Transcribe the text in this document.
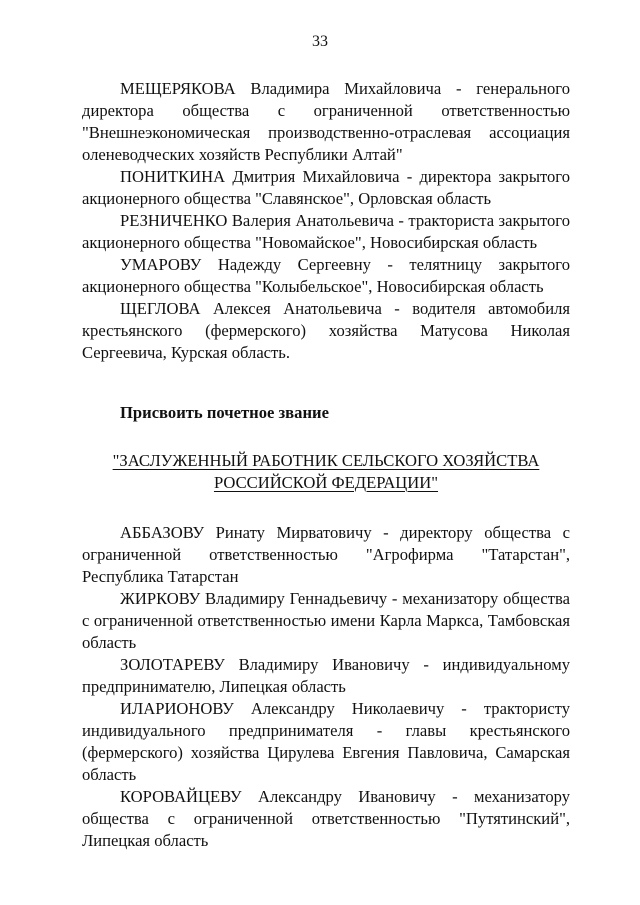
33

МЕЩЕРЯКОВА Владимира Михайловича - генерального директора общества с ограниченной ответственностью "Внешнеэкономическая производственно-отраслевая ассоциация оленеводческих хозяйств Республики Алтай"

ПОНИТКИНА Дмитрия Михайловича - директора закрытого акционерного общества "Славянское", Орловская область

РЕЗНИЧЕНКО Валерия Анатольевича - тракториста закрытого акционерного общества "Новомайское", Новосибирская область

УМАРОВУ Надежду Сергеевну - телятницу закрытого акционерного общества "Колыбельское", Новосибирская область

ЩЕГЛОВА Алексея Анатольевича - водителя автомобиля крестьянского (фермерского) хозяйства Матусова Николая Сергеевича, Курская область.

Присвоить почетное звание

"ЗАСЛУЖЕННЫЙ РАБОТНИК СЕЛЬСКОГО ХОЗЯЙСТВА
РОССИЙСКОЙ ФЕДЕРАЦИИ"

АББАЗОВУ Ринату Мирватовичу - директору общества с ограниченной ответственностью "Агрофирма "Татарстан", Республика Татарстан

ЖИРКОВУ Владимиру Геннадьевичу - механизатору общества с ограниченной ответственностью имени Карла Маркса, Тамбовская область

ЗОЛОТАРЕВУ Владимиру Ивановичу - индивидуальному предпринимателю, Липецкая область

ИЛАРИОНОВУ Александру Николаевичу - трактористу индивидуального предпринимателя - главы крестьянского (фермерского) хозяйства Цирулева Евгения Павловича, Самарская область

КОРОВАЙЦЕВУ Александру Ивановичу - механизатору общества с ограниченной ответственностью "Путятинский", Липецкая область
